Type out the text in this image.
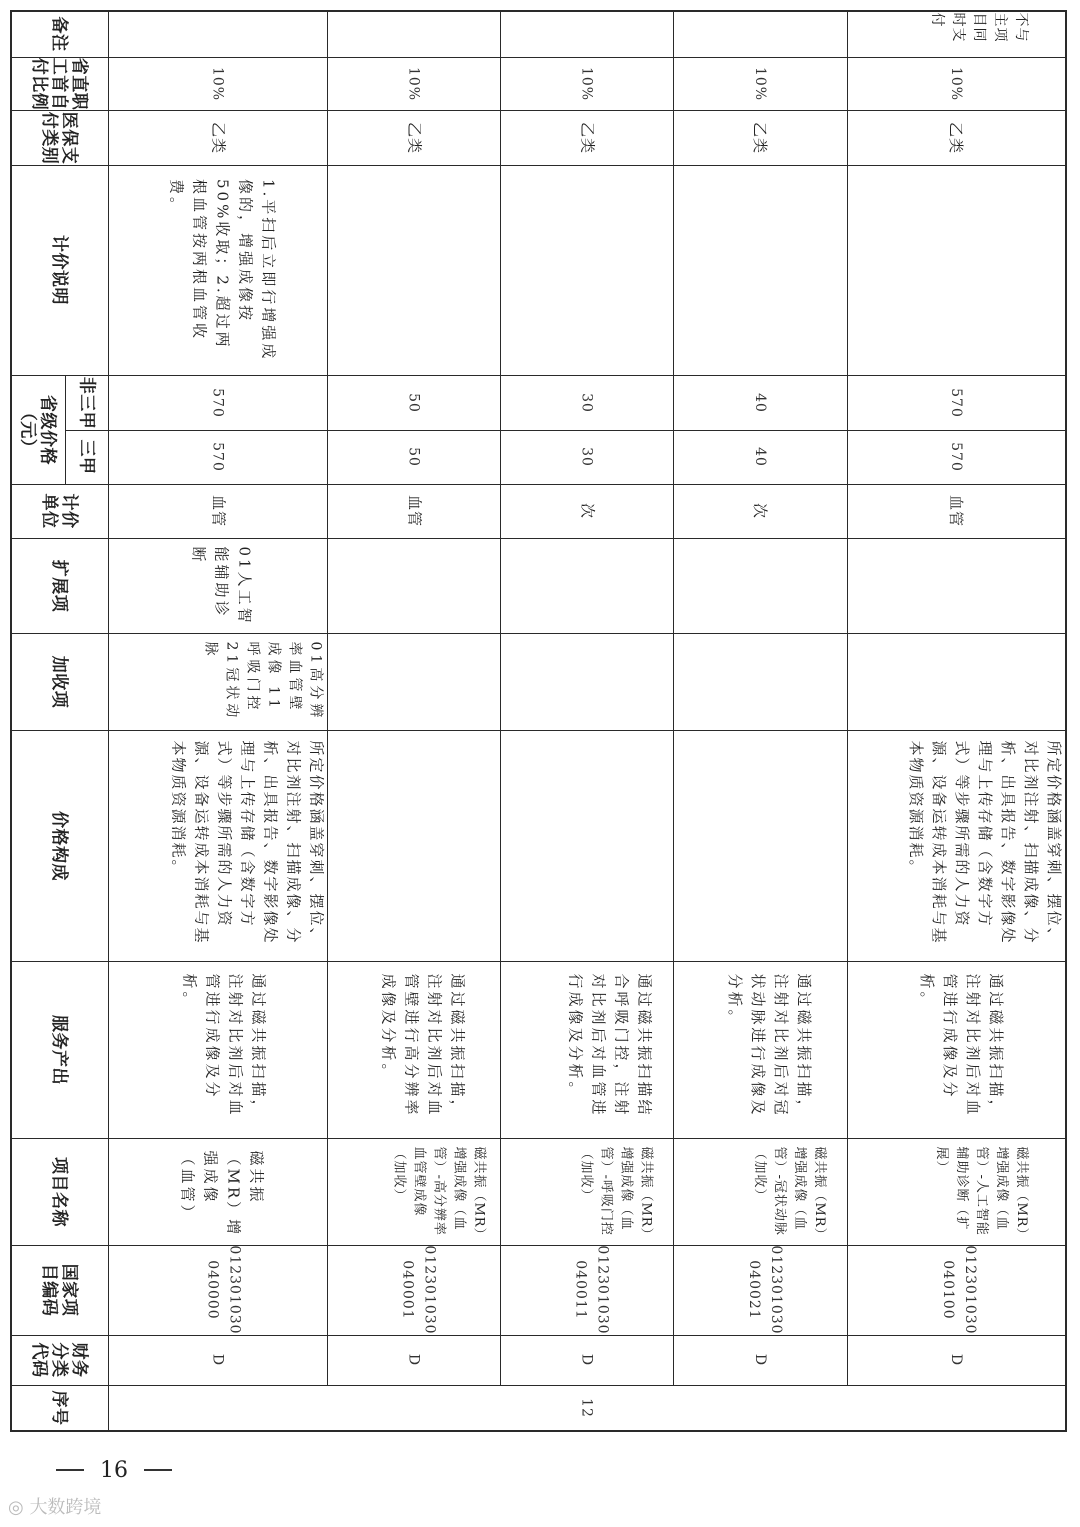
备注
省直职工首自付比例
医保支付类别
计价说明
省级价格（元）
非三甲
三甲
计价单位
扩展项
加收项
价格构成
服务产出
项目名称
国家项目编码
财务分类代码
序号
10%
乙类
1.平扫后立即行增强成像的，增强成像按50%收取；2.超过两根血管按两根血管收费。
570
570
血管
01人工智能辅助诊断
01高分辨率血管壁成像 11呼吸门控 21冠状动脉
所定价格涵盖穿刺、摆位、对比剂注射、扫描成像、分析、出具报告、数字影像处理与上传存储（含数字方式）等步骤所需的人力资源、设备运转成本消耗与基本物质资源消耗。
通过磁共振扫描，注射对比剂后对血管进行成像及分析。
磁共振（MR）增强成像（血管）
012301030040000
D
10%
乙类
50
50
血管
通过磁共振扫描，注射对比剂后对血管壁进行高分辨率成像及分析。
磁共振（MR）增强成像（血管）-高分辨率血管壁成像（加收）
012301030040001
D
10%
乙类
30
30
次
通过磁共振扫描结合呼吸门控，注射对比剂后对血管进行成像及分析。
磁共振（MR）增强成像（血管）-呼吸门控（加收）
012301030040011
D
12
10%
乙类
40
40
次
通过磁共振扫描，注射对比剂后对冠状动脉进行成像及分析。
磁共振（MR）增强成像（血管）-冠状动脉（加收）
012301030040021
D
不与主项目同时支付
10%
乙类
570
570
血管
所定价格涵盖穿刺、摆位、对比剂注射、扫描成像、分析、出具报告、数字影像处理与上传存储（含数字方式）等步骤所需的人力资源、设备运转成本消耗与基本物质资源消耗。
通过磁共振扫描，注射对比剂后对血管进行成像及分析。
磁共振（MR）增强成像（血管）-人工智能辅助诊断（扩展）
012301030040100
D
16
◎ 大数跨境
